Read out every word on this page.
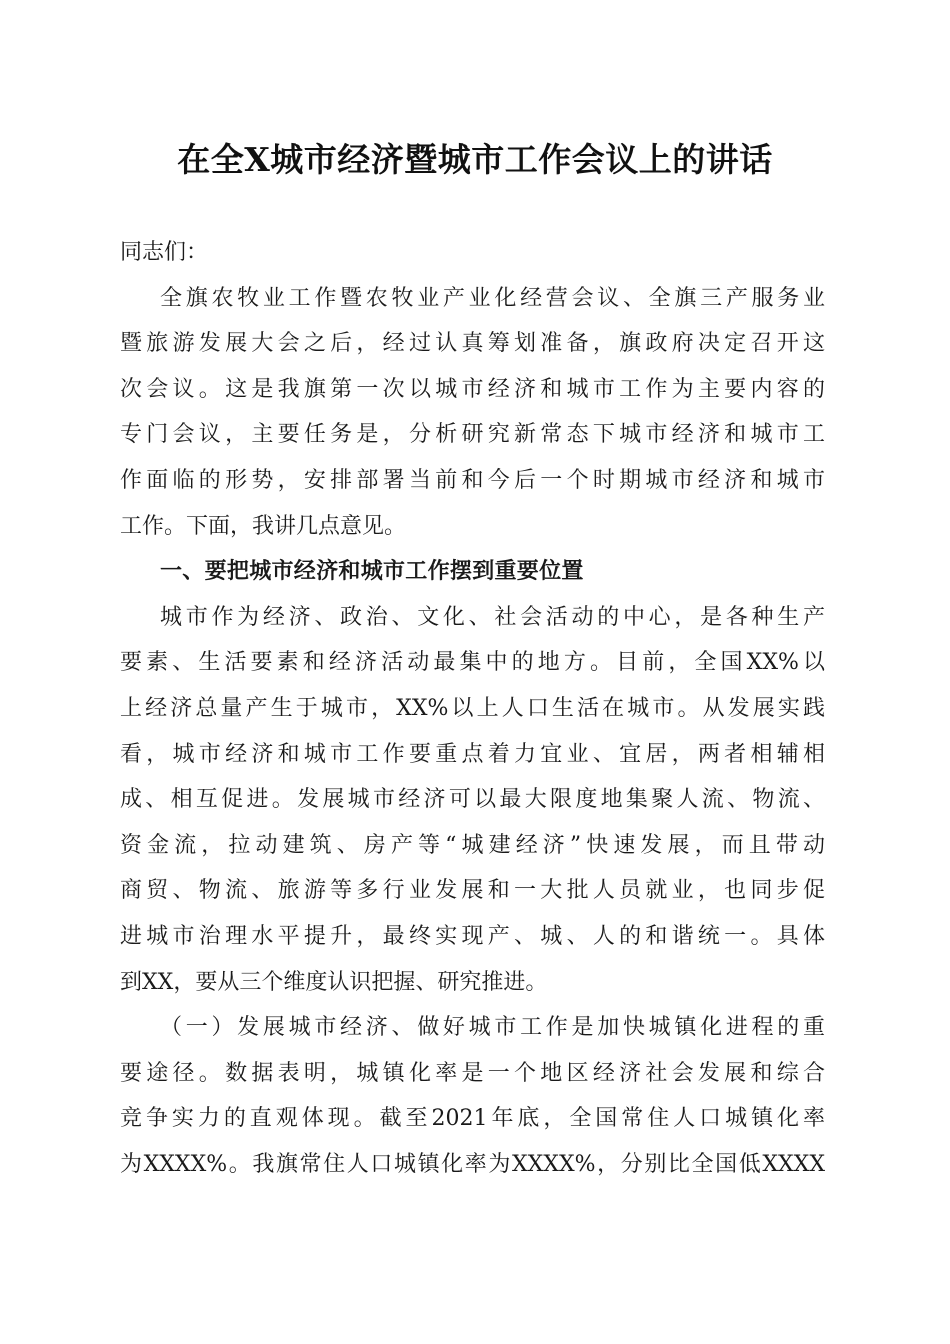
在全X城市经济暨城市工作会议上的讲话
同志们：
全旗农牧业工作暨农牧业产业化经营会议、全旗三产服务业
暨旅游发展大会之后，经过认真筹划准备，旗政府决定召开这
次会议。这是我旗第一次以城市经济和城市工作为主要内容的
专门会议，主要任务是，分析研究新常态下城市经济和城市工
作面临的形势，安排部署当前和今后一个时期城市经济和城市
工作。下面，我讲几点意见。
一、要把城市经济和城市工作摆到重要位置
城市作为经济、政治、文化、社会活动的中心，是各种生产
要素、生活要素和经济活动最集中的地方。目前，全国XX%以
上经济总量产生于城市，XX%以上人口生活在城市。从发展实践
看，城市经济和城市工作要重点着力宜业、宜居，两者相辅相
成、相互促进。发展城市经济可以最大限度地集聚人流、物流、
资金流，拉动建筑、房产等“城建经济”快速发展，而且带动
商贸、物流、旅游等多行业发展和一大批人员就业，也同步促
进城市治理水平提升，最终实现产、城、人的和谐统一。具体
到XX，要从三个维度认识把握、研究推进。
（一）发展城市经济、做好城市工作是加快城镇化进程的重
要途径。数据表明，城镇化率是一个地区经济社会发展和综合
竞争实力的直观体现。截至2021年底，全国常住人口城镇化率
为XXXX%。我旗常住人口城镇化率为XXXX%，分别比全国低XXXX
